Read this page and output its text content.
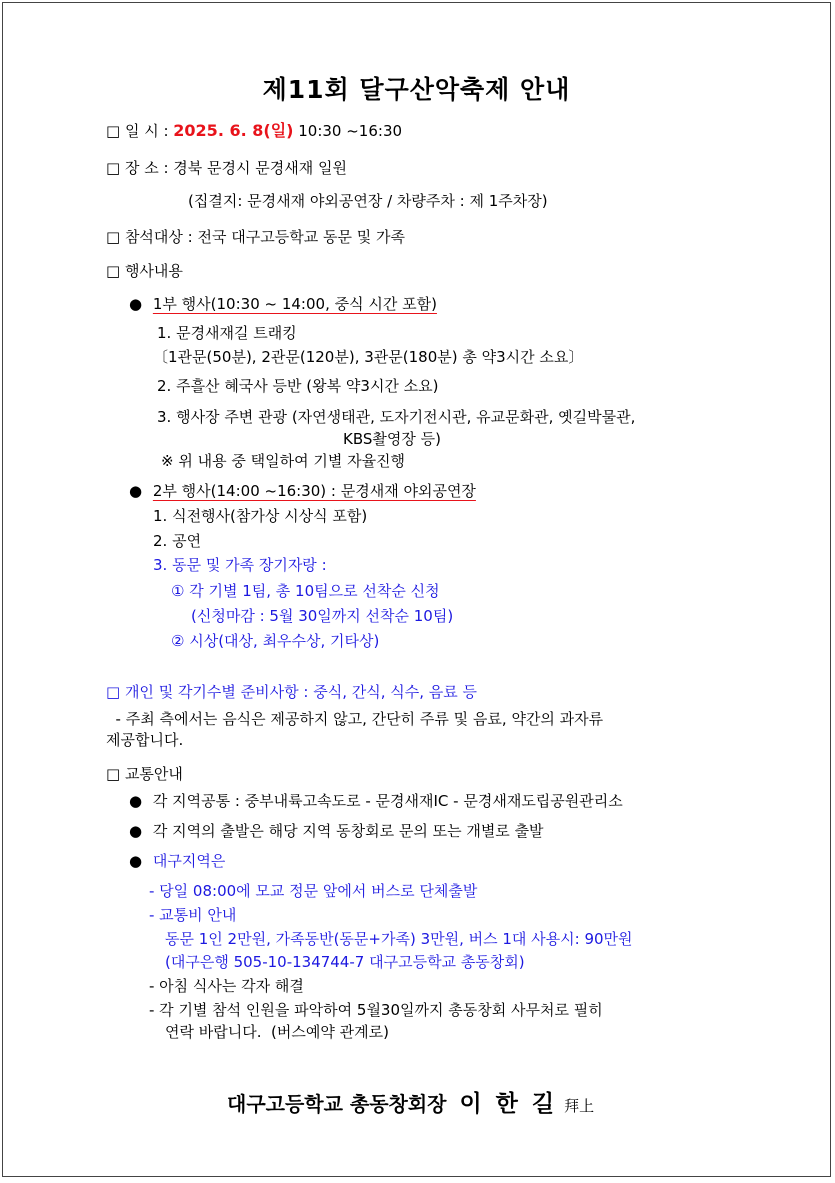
제11회 달구산악축제 안내
□ 일 시 : 2025. 6. 8(일) 10:30 ~16:30
□ 장 소 : 경북 문경시 문경새재 일원
(집결지: 문경새재 야외공연장 / 차량주차 : 제 1주차장)
□ 참석대상 : 전국 대구고등학교 동문 및 가족
□ 행사내용
● 1부 행사(10:30 ~ 14:00, 중식 시간 포함)
1. 문경새재길 트래킹
〔1관문(50분), 2관문(120분), 3관문(180분) 총 약3시간 소요〕
2. 주흘산 혜국사 등반 (왕복 약3시간 소요)
3. 행사장 주변 관광 (자연생태관, 도자기전시관, 유교문화관, 옛길박물관,
KBS촬영장 등)
※ 위 내용 중 택일하여 기별 자율진행
● 2부 행사(14:00 ~16:30) : 문경새재 야외공연장
1. 식전행사(참가상 시상식 포함)
2. 공연
3. 동문 및 가족 장기자랑 :
① 각 기별 1팀, 총 10팀으로 선착순 신청
(신청마감 : 5월 30일까지 선착순 10팀)
② 시상(대상, 최우수상, 기타상)
□ 개인 및 각기수별 준비사항 : 중식, 간식, 식수, 음료 등
- 주최 측에서는 음식은 제공하지 않고, 간단히 주류 및 음료, 약간의 과자류
제공합니다.
□ 교통안내
● 각 지역공통 : 중부내륙고속도로 - 문경새재IC - 문경새재도립공원관리소
● 각 지역의 출발은 해당 지역 동창회로 문의 또는 개별로 출발
● 대구지역은
- 당일 08:00에 모교 정문 앞에서 버스로 단체출발
- 교통비 안내
동문 1인 2만원, 가족동반(동문+가족) 3만원, 버스 1대 사용시: 90만원
(대구은행 505-10-134744-7 대구고등학교 총동창회)
- 아침 식사는 각자 해결
- 각 기별 참석 인원을 파악하여 5월30일까지 총동창회 사무처로 필히
연락 바랍니다.  (버스예약 관계로)
대구고등학교 총동창회장 이 한 길 拜上
